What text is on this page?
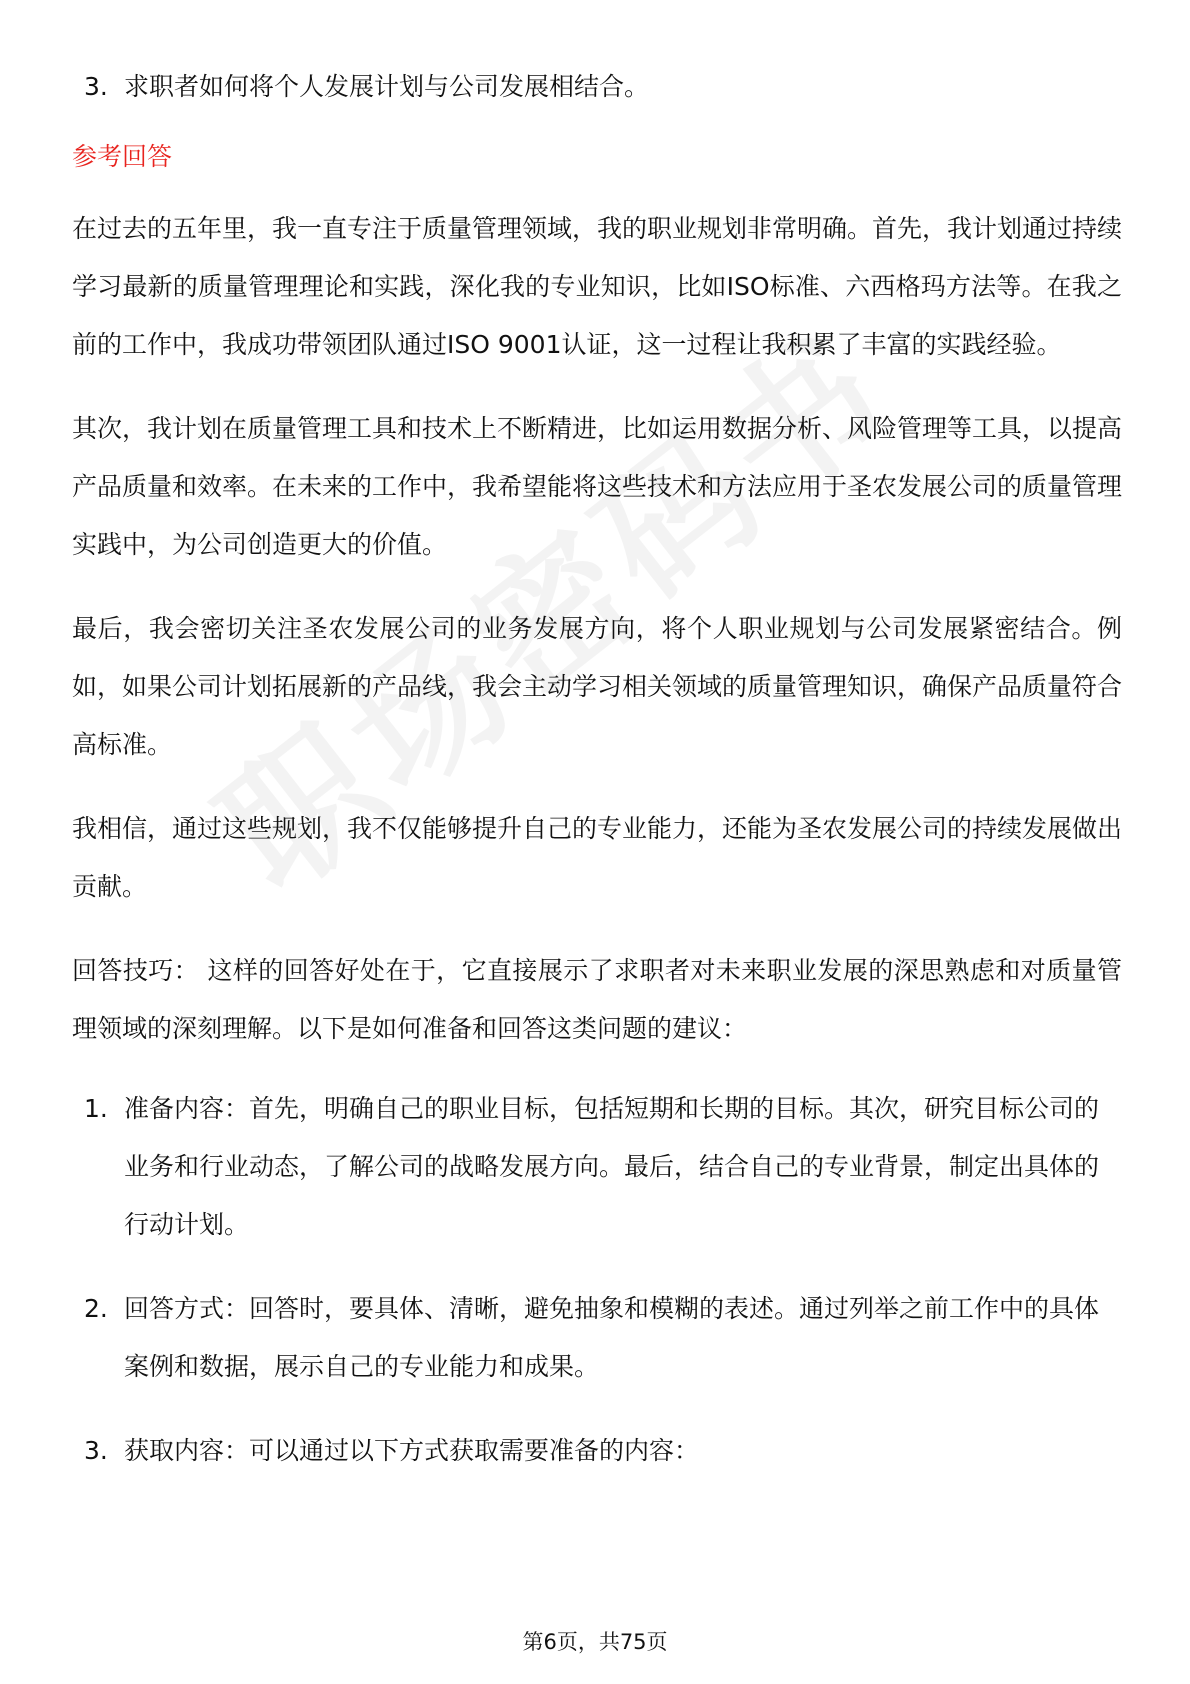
3. 求职者如何将个人发展计划与公司发展相结合。
参考回答
在过去的五年里，我一直专注于质量管理领域，我的职业规划非常明确。首先，我计划通过持续学习最新的质量管理理论和实践，深化我的专业知识，比如ISO标准、六西格玛方法等。在我之前的工作中，我成功带领团队通过ISO 9001认证，这一过程让我积累了丰富的实践经验。
其次，我计划在质量管理工具和技术上不断精进，比如运用数据分析、风险管理等工具，以提高产品质量和效率。在未来的工作中，我希望能将这些技术和方法应用于圣农发展公司的质量管理实践中，为公司创造更大的价值。
最后，我会密切关注圣农发展公司的业务发展方向，将个人职业规划与公司发展紧密结合。例如，如果公司计划拓展新的产品线，我会主动学习相关领域的质量管理知识，确保产品质量符合高标准。
我相信，通过这些规划，我不仅能够提升自己的专业能力，还能为圣农发展公司的持续发展做出贡献。
回答技巧： 这样的回答好处在于，它直接展示了求职者对未来职业发展的深思熟虑和对质量管理领域的深刻理解。以下是如何准备和回答这类问题的建议：
1. 准备内容：首先，明确自己的职业目标，包括短期和长期的目标。其次，研究目标公司的业务和行业动态，了解公司的战略发展方向。最后，结合自己的专业背景，制定出具体的行动计划。
2. 回答方式：回答时，要具体、清晰，避免抽象和模糊的表述。通过列举之前工作中的具体案例和数据，展示自己的专业能力和成果。
3. 获取内容：可以通过以下方式获取需要准备的内容：
第6页，共75页
